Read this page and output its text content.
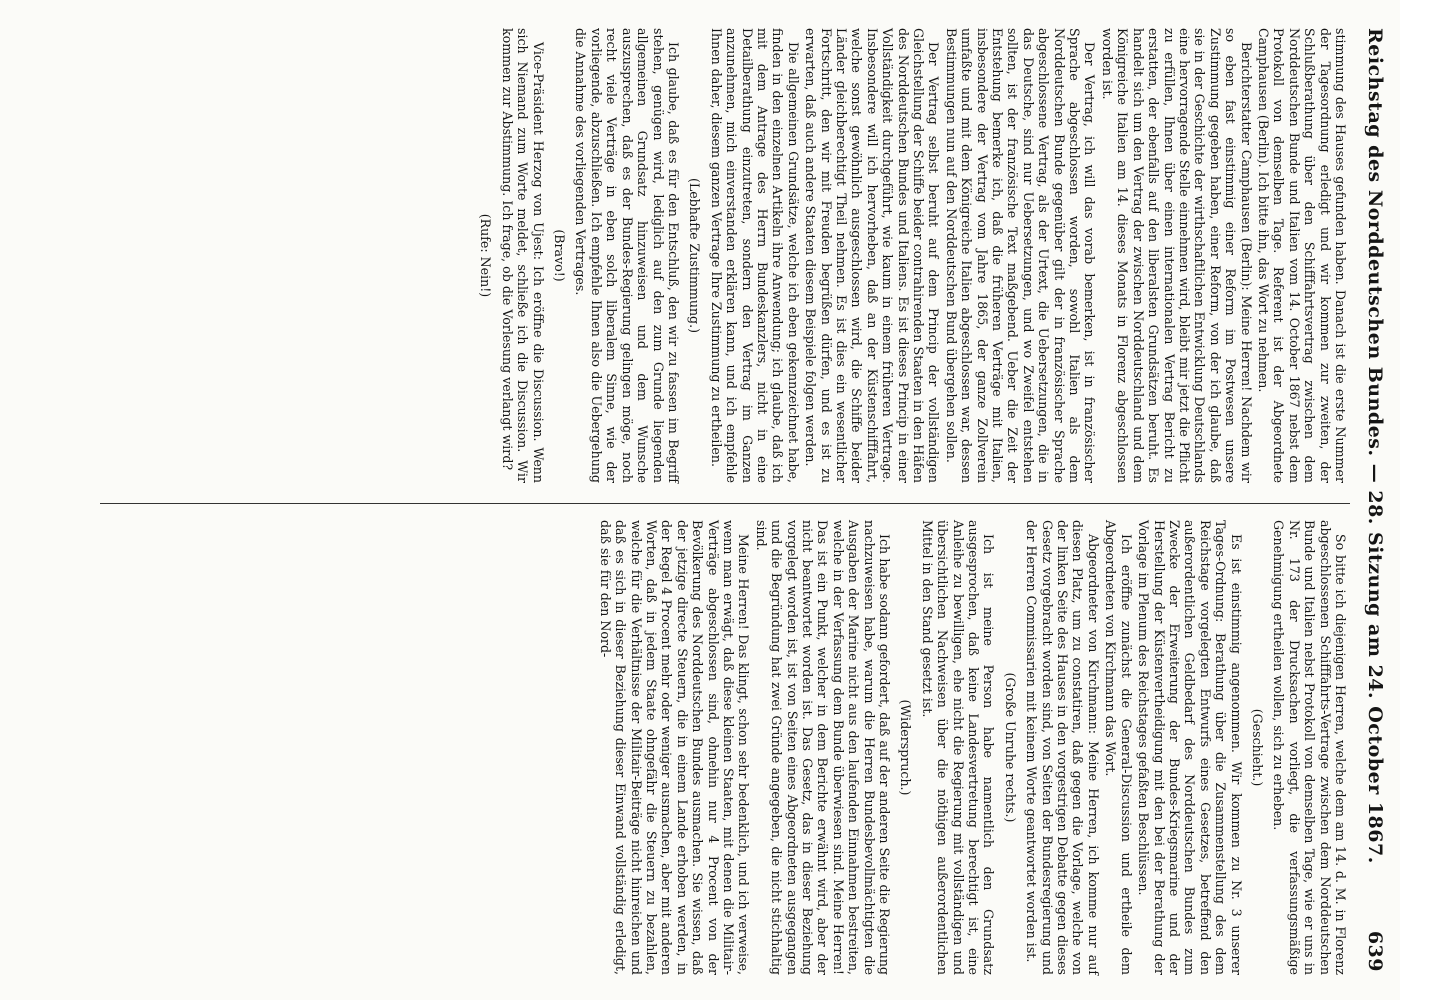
Reichstag des Norddeutschen Bundes. — 28. Sitzung am 24. October 1867.
639

stimmung des Hauses gefunden haben. Danach ist die erste Nummer der Tagesordnung erledigt und wir kommen zur zweiten, der Schlußberathung über den Schifffahrtsvertrag zwischen dem Norddeutschen Bunde und Italien vom 14. October 1867 nebst dem Protokoll von demselben Tage. Referent ist der Abgeordnete Camphausen (Berlin). Ich bitte ihn, das Wort zu nehmen.

Berichterstatter Camphausen (Berlin): Meine Herren! Nachdem wir so eben fast einstimmig einer Reform im Postwesen unsere Zustimmung gegeben haben, einer Reform, von der ich glaube, daß sie in der Geschichte der wirthschaftlichen Entwicklung Deutschlands eine hervorragende Stelle einnehmen wird, bleibt mir jetzt die Pflicht zu erfüllen, Ihnen über einen internationalen Vertrag Bericht zu erstatten, der ebenfalls auf den liberalsten Grundsätzen beruht. Es handelt sich um den Vertrag der zwischen Norddeutschland und dem Königreiche Italien am 14. dieses Monats in Florenz abgeschlossen worden ist.

Der Vertrag, ich will das vorab bemerken, ist in französischer Sprache abgeschlossen worden, sowohl Italien als dem Norddeutschen Bunde gegenüber gilt der in französischer Sprache abgeschlossene Vertrag, als der Urtext, die Uebersetzungen, die in das Deutsche, sind nur Uebersetzungen, und wo Zweifel entstehen sollten, ist der französische Text maßgebend. Ueber die Zeit der Entstehung bemerke ich, daß die früheren Verträge mit Italien, insbesondere der Vertrag vom Jahre 1865, der ganze Zollverein umfaßte und mit dem Königreiche Italien abgeschlossen war, dessen Bestimmungen nun auf den Norddeutschen Bund übergehen sollen.

Der Vertrag selbst beruht auf dem Princip der vollständigen Gleichstellung der Schiffe beider contrahirenden Staaten in den Häfen des Norddeutschen Bundes und Italiens. Es ist dieses Princip in einer Vollständigkeit durchgeführt, wie kaum in einem früheren Vertrage. Insbesondere will ich hervorheben, daß an der Küstenschifffahrt, welche sonst gewöhnlich ausgeschlossen wird, die Schiffe beider Länder gleichberechtigt Theil nehmen. Es ist dies ein wesentlicher Fortschritt, den wir mit Freuden begrüßen dürfen, und es ist zu erwarten, daß auch andere Staaten diesem Beispiele folgen werden.

Die allgemeinen Grundsätze, welche ich eben gekennzeichnet habe, finden in den einzelnen Artikeln ihre Anwendung; ich glaube, daß ich mit dem Antrage des Herrn Bundeskanzlers, nicht in eine Detailberathung einzutreten, sondern den Vertrag im Ganzen anzunehmen, mich einverstanden erklären kann, und ich empfehle Ihnen daher, diesem ganzen Vertrage Ihre Zustimmung zu ertheilen.

(Lebhafte Zustimmung.)

Ich glaube, daß es für den Entschluß, den wir zu fassen im Begriff stehen, genügen wird, lediglich auf den zum Grunde liegenden allgemeinen Grundsatz hinzuweisen und dem Wunsche auszusprechen, daß es der Bundes-Regierung gelingen möge, noch recht viele Verträge in eben solch liberalem Sinne, wie der vorliegende, abzuschließen. Ich empfehle Ihnen also die Uebergehung die Annahme des vorliegenden Vertrages.

(Bravo!)

Vice-Präsident Herzog von Ujest: Ich eröffne die Discussion. Wenn sich Niemand zum Worte meldet, schließe ich die Discussion. Wir kommen zur Abstimmung. Ich frage, ob die Vorlesung verlangt wird?

(Rufe: Nein!)

So bitte ich diejenigen Herren, welche dem am 14. d. M. in Florenz abgeschlossenen Schifffahrts-Vertrage zwischen dem Norddeutschen Bunde und Italien nebst Protokoll von demselben Tage, wie er uns in Nr. 173 der Drucksachen vorliegt, die verfassungsmäßige Genehmigung ertheilen wollen, sich zu erheben.

(Geschieht.)

Es ist einstimmig angenommen. Wir kommen zu Nr. 3 unserer Tages-Ordnung: Berathung über die Zusammenstellung des dem Reichstage vorgelegten Entwurfs eines Gesetzes, betreffend den außerordentlichen Geldbedarf des Norddeutschen Bundes zum Zwecke der Erweiterung der Bundes-Kriegsmarine und der Herstellung der Küstenvertheidigung mit den bei der Berathung der Vorlage im Plenum des Reichstages gefaßten Beschlüssen.

Ich eröffne zunächst die General-Discussion und ertheile dem Abgeordneten von Kirchmann das Wort.

Abgeordneter von Kirchmann: Meine Herren, ich komme nur auf diesen Platz, um zu constatiren, daß gegen die Vorlage, welche von der linken Seite des Hauses in den vorgestrigen Debatte gegen dieses Gesetz vorgebracht worden sind, von Seiten der Bundesregierung und der Herren Commissarien mit keinem Worte geantwortet worden ist.

(Große Unruhe rechts.)

Ich ist meine Person habe namentlich den Grundsatz ausgesprochen, daß keine Landesvertretung berechtigt ist, eine Anleihe zu bewilligen, ehe nicht die Regierung mit vollständigen und übersichtlichen Nachweisen über die nöthigen außerordentlichen Mittel in den Stand gesetzt ist.

(Widerspruch.)

Ich habe sodann gefordert, daß auf der anderen Seite die Regierung nachzuweisen habe, warum die Herren Bundesbevollmächtigten die Ausgaben der Marine nicht aus den laufenden Einnahmen bestreiten, welche in der Verfassung dem Bunde überwiesen sind. Meine Herren! Das ist ein Punkt, welcher in dem Berichte erwähnt wird, aber der nicht beantwortet worden ist. Das Gesetz, das in dieser Beziehung vorgelegt worden ist, ist von Seiten eines Abgeordneten ausgegangen und die Begründung hat zwei Gründe angegeben, die nicht stichhaltig sind.

Meine Herren! Das klingt, schon sehr bedenklich, und ich verweise, wenn man erwägt, daß diese kleinen Staaten, mit denen die Militair-Verträge abgeschlossen sind, ohnehin nur 4 Procent von der Bevölkerung des Norddeutschen Bundes ausmachen. Sie wissen, daß der jetzige directe Steuern, die in einem Lande erhoben werden, in der Regel 4 Procent mehr oder weniger ausmachen, aber mit anderen Worten, daß in jedem Staate ohngefähr die Steuern zu bezahlen, welche für die Verhältnisse der Militair-Beiträge nicht hinreichen und daß es sich in dieser Beziehung dieser Einwand vollständig erledigt, daß sie für den Nord-
